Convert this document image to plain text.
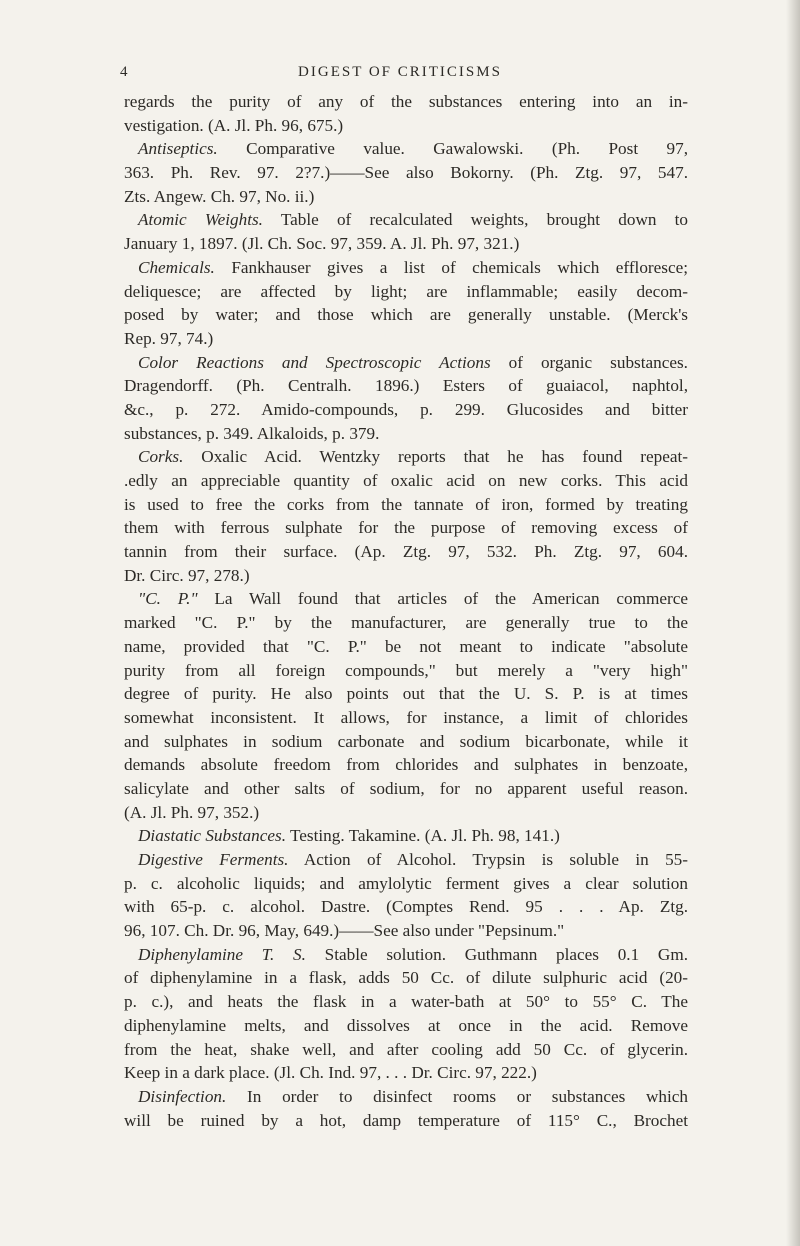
4	DIGEST OF CRITICISMS
regards the purity of any of the substances entering into an in-
vestigation. (A. Jl. Ph. 96, 675.)
Antiseptics. Comparative value. Gawalowski. (Ph. Post 97,
363. Ph. Rev. 97. 2?7.)——See also Bokorny. (Ph. Ztg. 97, 547.
Zts. Angew. Ch. 97, No. ii.)
Atomic Weights. Table of recalculated weights, brought down to
January 1, 1897. (Jl. Ch. Soc. 97, 359. A. Jl. Ph. 97, 321.)
Chemicals. Fankhauser gives a list of chemicals which effloresce;
deliquesce; are affected by light; are inflammable; easily decom-
posed by water; and those which are generally unstable. (Merck's
Rep. 97, 74.)
Color Reactions and Spectroscopic Actions of organic substances.
Dragendorff. (Ph. Centralh. 1896.) Esters of guaiacol, naphtol,
&c., p. 272. Amido-compounds, p. 299. Glucosides and bitter
substances, p. 349. Alkaloids, p. 379.
Corks. Oxalic Acid. Wentzky reports that he has found repeat-
.edly an appreciable quantity of oxalic acid on new corks. This acid
is used to free the corks from the tannate of iron, formed by treating
them with ferrous sulphate for the purpose of removing excess of
tannin from their surface. (Ap. Ztg. 97, 532. Ph. Ztg. 97, 604.
Dr. Circ. 97, 278.)
"C. P." La Wall found that articles of the American commerce
marked "C. P." by the manufacturer, are generally true to the
name, provided that "C. P." be not meant to indicate "absolute
purity from all foreign compounds," but merely a "very high"
degree of purity. He also points out that the U. S. P. is at times
somewhat inconsistent. It allows, for instance, a limit of chlorides
and sulphates in sodium carbonate and sodium bicarbonate, while it
demands absolute freedom from chlorides and sulphates in benzoate,
salicylate and other salts of sodium, for no apparent useful reason.
(A. Jl. Ph. 97, 352.)
Diastatic Substances. Testing. Takamine. (A. Jl. Ph. 98, 141.)
Digestive Ferments. Action of Alcohol. Trypsin is soluble in 55-
p. c. alcoholic liquids; and amylolytic ferment gives a clear solution
with 65-p. c. alcohol. Dastre. (Comptes Rend. 95 . . . Ap. Ztg.
96, 107. Ch. Dr. 96, May, 649.)——See also under "Pepsinum."
Diphenylamine T. S. Stable solution. Guthmann places 0.1 Gm.
of diphenylamine in a flask, adds 50 Cc. of dilute sulphuric acid (20-
p. c.), and heats the flask in a water-bath at 50° to 55° C. The
diphenylamine melts, and dissolves at once in the acid. Remove
from the heat, shake well, and after cooling add 50 Cc. of glycerin.
Keep in a dark place. (Jl. Ch. Ind. 97, . . . Dr. Circ. 97, 222.)
Disinfection. In order to disinfect rooms or substances which
will be ruined by a hot, damp temperature of 115° C., Brochet
